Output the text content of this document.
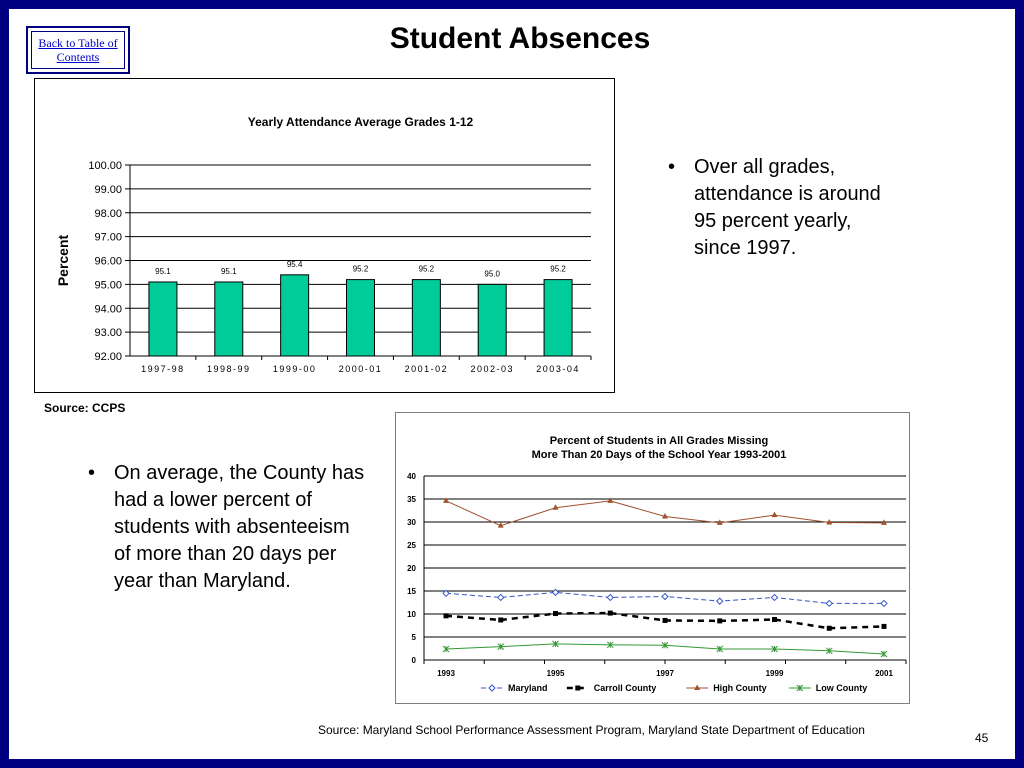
Back to Table of Contents
Student Absences
Yearly Attendance Average Grades 1-12
92.00
93.00
94.00
95.00
96.00
97.00
98.00
99.00
100.00
95.1
1997-98
95.1
1998-99
95.4
1999-00
95.2
2000-01
95.2
2001-02
95.0
2002-03
95.2
2003-04
Percent
Source: CCPS
• Over all grades, attendance is around 95 percent yearly, since 1997.
• On average, the County has had a lower percent of students with absenteeism of more than 20 days per year than Maryland.
Percent of Students in All Grades Missing
More Than 20 Days of the School Year 1993-2001
0
5
10
15
20
25
30
35
40
1993	1995	1997	1999	2001
Maryland	Carroll County	High County	Low County
Source: Maryland School Performance Assessment Program, Maryland State Department of Education
45
